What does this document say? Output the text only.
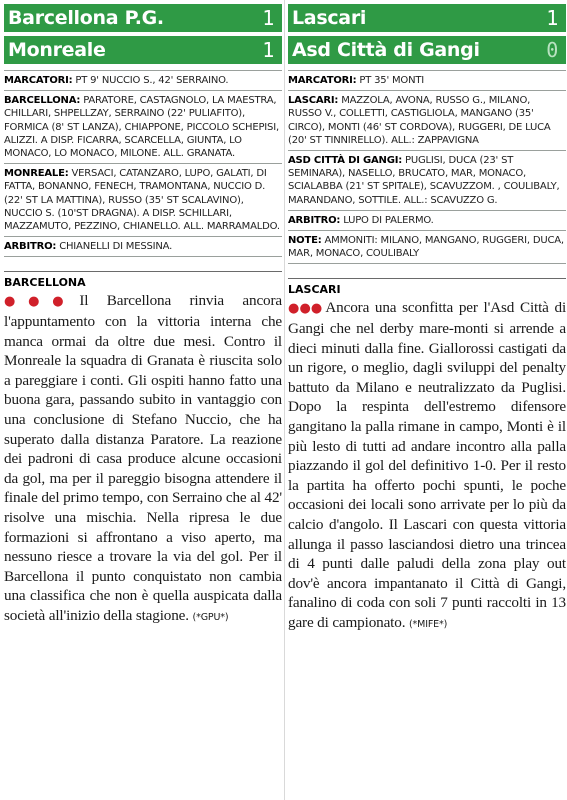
Barcellona P.G.	1
Monreale	1
MARCATORI: PT 9' NUCCIO S., 42' SERRAINO.
BARCELLONA: PARATORE, CASTAGNOLO, LA MAESTRA, CHILLARI, SHPELLZAY, SERRAINO (22' PULIAFITO), FORMICA (8' ST LANZA), CHIAPPONE, PICCOLO SCHEPISI, ALIZZI. A DISP. FICARRA, SCARCELLA, GIUNTA, LO MONACO, LO MONACO, MILONE. ALL. GRANATA.
MONREALE: VERSACI, CATANZARO, LUPO, GALATI, DI FATTA, BONANNO, FENECH, TRAMONTANA, NUCCIO D. (22' ST LA MATTINA), RUSSO (35' ST SCALAVINO), NUCCIO S. (10'ST DRAGNA). A DISP. SCHILLARI, MAZZAMUTO, PEZZINO, CHIANELLO. ALL. MARRAMALDO.
ARBITRO: CHIANELLI DI MESSINA.
BARCELLONA
●●● Il Barcellona rinvia ancora l'appuntamento con la vittoria interna che manca ormai da oltre due mesi. Contro il Monreale la squadra di Granata è riuscita solo a pareggiare i conti. Gli ospiti hanno fatto una buona gara, passando subito in vantaggio con una conclusione di Stefano Nuccio, che ha superato dalla distanza Paratore. La reazione dei padroni di casa produce alcune occasioni da gol, ma per il pareggio bisogna attendere il finale del primo tempo, con Serraino che al 42' risolve una mischia. Nella ripresa le due formazioni si affrontano a viso aperto, ma nessuno riesce a trovare la via del gol. Per il Barcellona il punto conquistato non cambia una classifica che non è quella auspicata dalla società all'inizio della stagione. (*GPU*)
Lascari	1
Asd Città di Gangi	0
MARCATORI: PT 35' MONTI
LASCARI: MAZZOLA, AVONA, RUSSO G., MILANO, RUSSO V., COLLETTI, CASTIGLIOLA, MANGANO (35' CIRCO), MONTI (46' ST CORDOVA), RUGGERI, DE LUCA (20' ST TINNIRELLO). ALL.: ZAPPAVIGNA
ASD CITTÀ DI GANGI: PUGLISI, DUCA (23' ST SEMINARA), NASELLO, BRUCATO, MAR, MONACO, SCIALABBA (21' ST SPITALE), SCAVUZZOM. , COULIBALY, MARANDANO, SOTTILE. ALL.: SCAVUZZO G.
ARBITRO: LUPO DI PALERMO.
NOTE: AMMONITI: MILANO, MANGANO, RUGGERI, DUCA, MAR, MONACO, COULIBALY
LASCARI
●●● Ancora una sconfitta per l'Asd Città di Gangi che nel derby mare-monti si arrende a dieci minuti dalla fine. Giallorossi castigati da un rigore, o meglio, dagli sviluppi del penalty battuto da Milano e neutralizzato da Puglisi. Dopo la respinta dell'estremo difensore gangitano la palla rimane in campo, Monti è il più lesto di tutti ad andare incontro alla palla piazzando il gol del definitivo 1-0. Per il resto la partita ha offerto pochi spunti, le poche occasioni dei locali sono arrivate per lo più da calcio d'angolo. Il Lascari con questa vittoria allunga il passo lasciandosi dietro una trincea di 4 punti dalle paludi della zona play out dov'è ancora impantanato il Città di Gangi, fanalino di coda con soli 7 punti raccolti in 13 gare di campionato. (*MIFE*)
